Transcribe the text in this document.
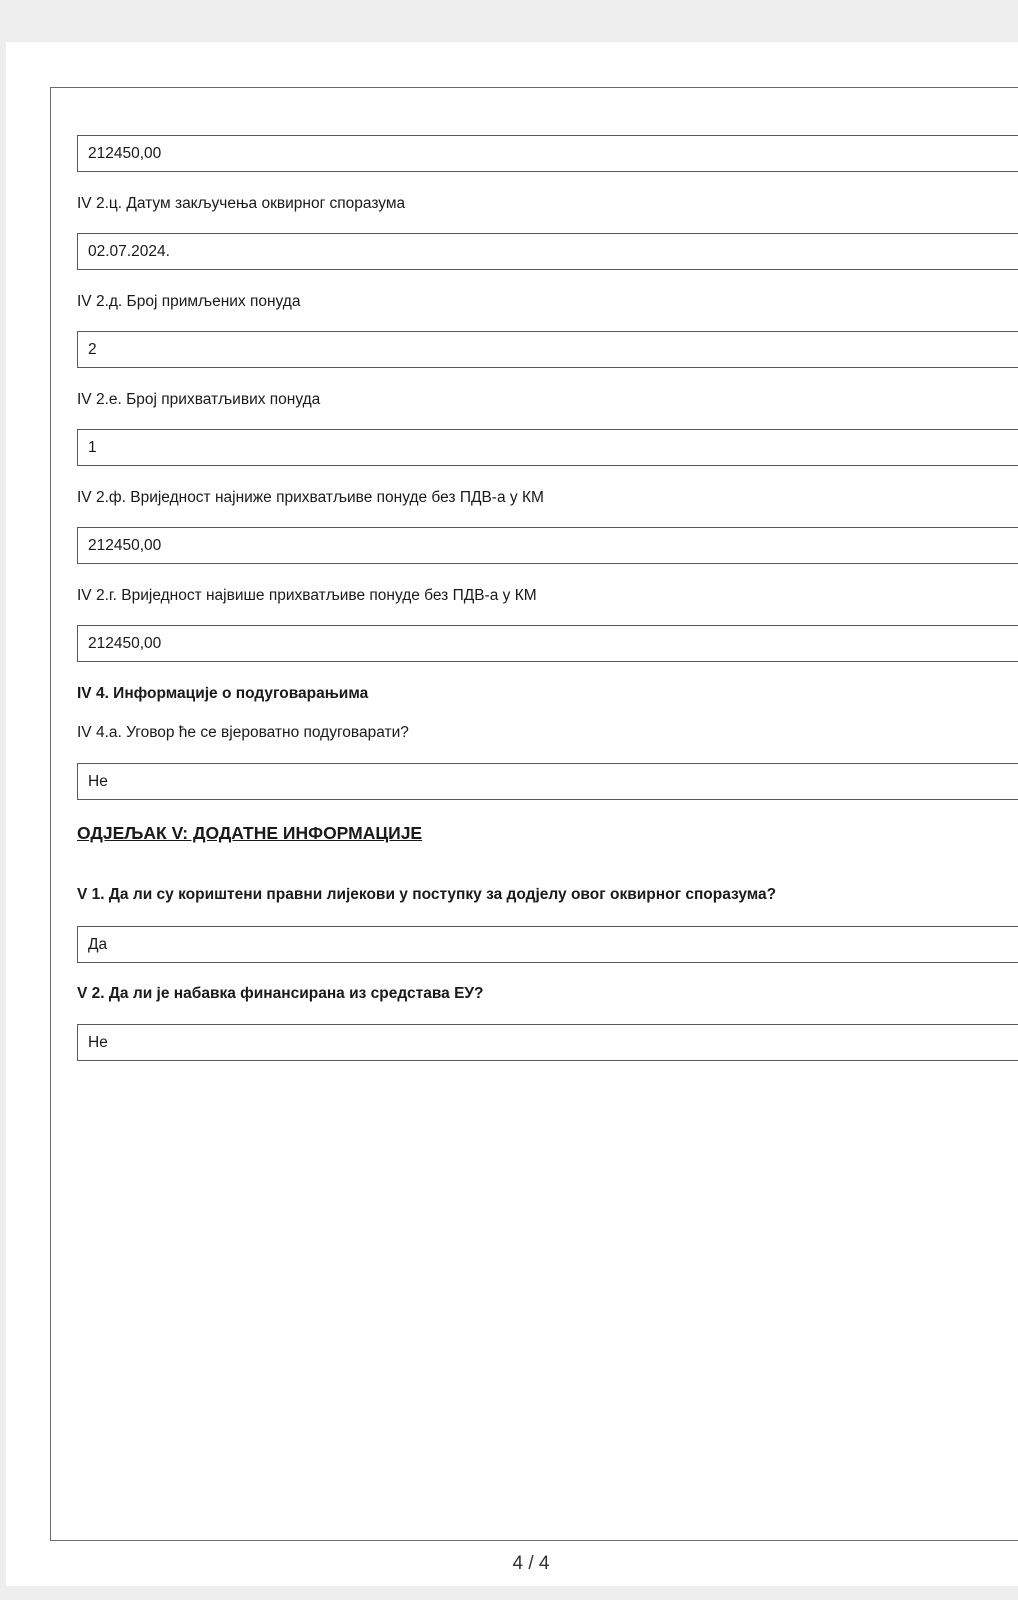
212450,00
IV 2.ц. Датум закључења оквирног споразума
02.07.2024.
IV 2.д. Број примљених понуда
2
IV 2.е. Број прихватљивих понуда
1
IV 2.ф. Вриједност најниже прихватљиве понуде без ПДВ-а у КМ
212450,00
IV 2.г. Вриједност највише прихватљиве понуде без ПДВ-а у КМ
212450,00
IV 4. Информације о подуговарањима
IV 4.а. Уговор ће се вјероватно подуговарати?
Не
ОДЈЕЉАК V: ДОДАТНЕ ИНФОРМАЦИЈЕ
V 1. Да ли су кориштени правни лијекови у поступку за додјелу овог оквирног споразума?
Да
V 2. Да ли је набавка финансирана из средстава ЕУ?
Не
4 / 4
